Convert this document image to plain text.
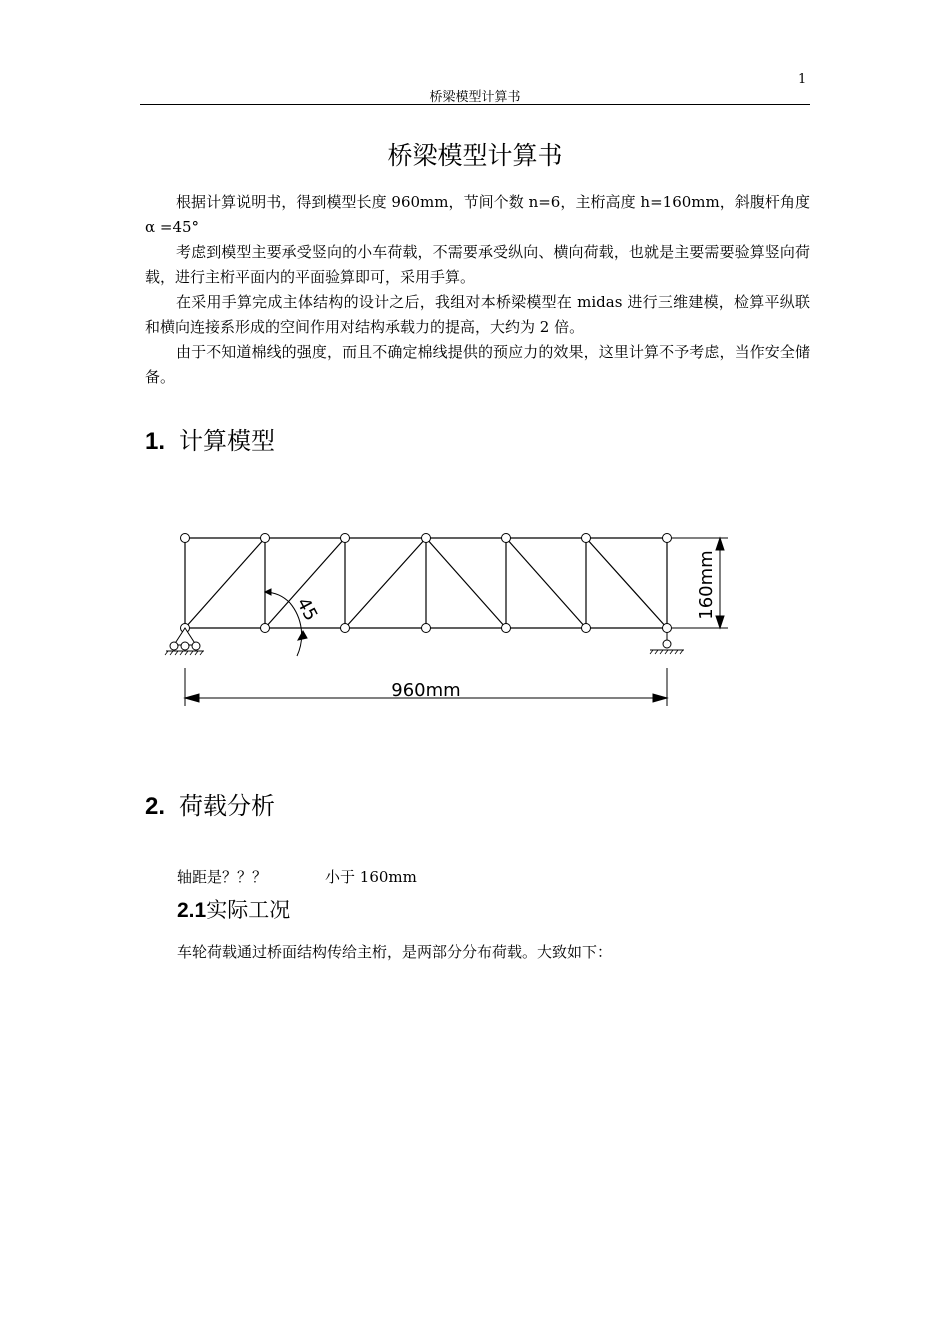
1
桥梁模型计算书
桥梁模型计算书

根据计算说明书，得到模型长度 960mm，节间个数 n=6，主桁高度 h=160mm，斜腹杆角度α =45°

考虑到模型主要承受竖向的小车荷载，不需要承受纵向、横向荷载，也就是主要需要验算竖向荷载，进行主桁平面内的平面验算即可，采用手算。

在采用手算完成主体结构的设计之后，我组对本桥梁模型在 midas 进行三维建模，检算平纵联和横向连接系形成的空间作用对结构承载力的提高，大约为 2 倍。

由于不知道棉线的强度，而且不确定棉线提供的预应力的效果，这里计算不予考虑，当作安全储备。

1. 计算模型
45	160mm
960mm
2. 荷载分析
轴距是？？？	小于 160mm
2.1实际工况
车轮荷载通过桥面结构传给主桁，是两部分分布荷载。大致如下：
